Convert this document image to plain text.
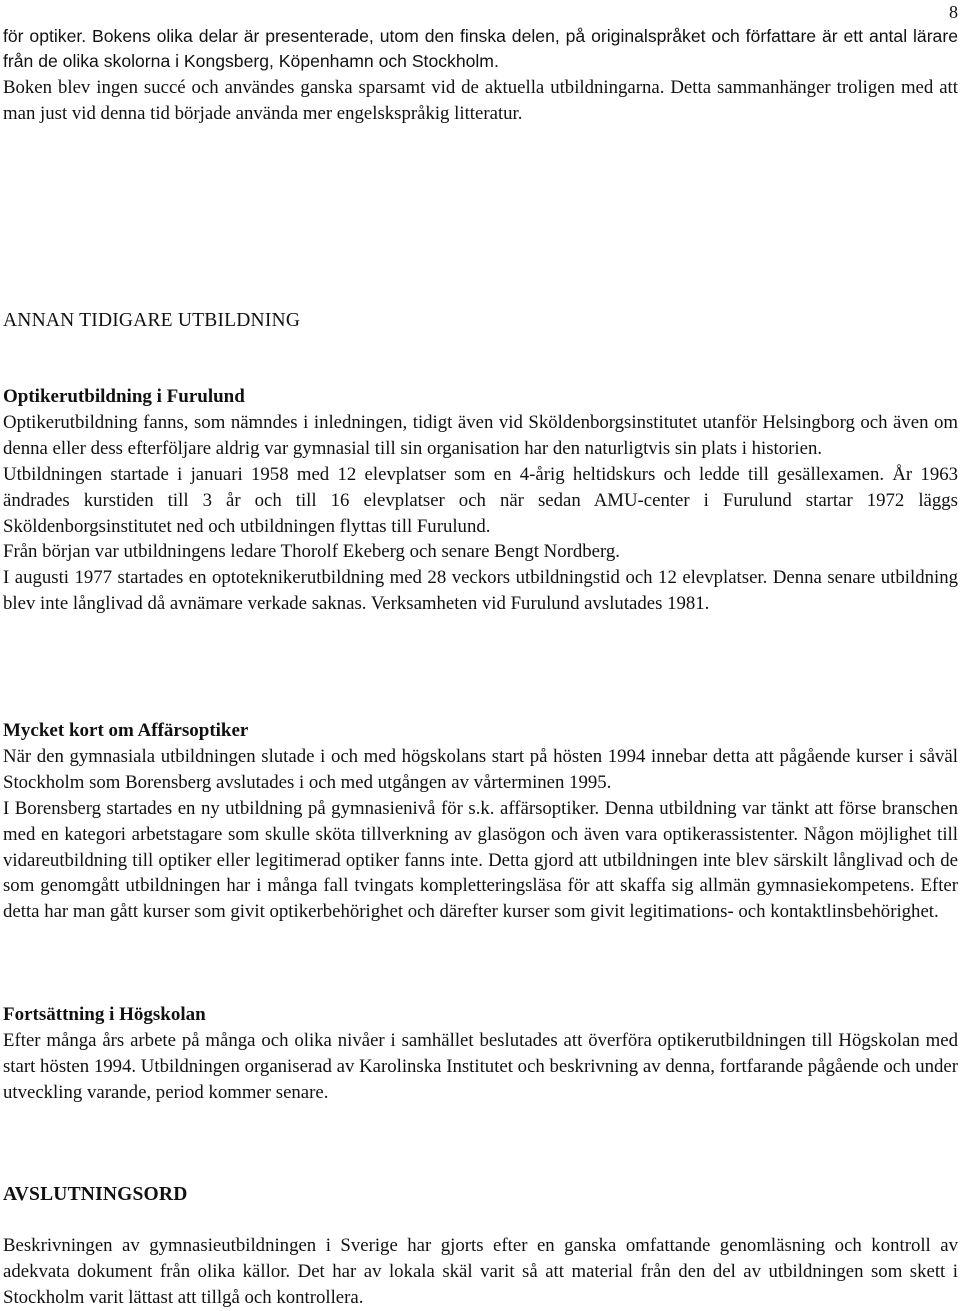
8

för optiker. Bokens olika delar är presenterade, utom den finska delen, på originalspråket och författare är ett antal lärare från de olika skolorna i Kongsberg, Köpenhamn och Stockholm.

Boken blev ingen succé och användes ganska sparsamt vid de aktuella utbildningarna. Detta sammanhänger troligen med att man just vid denna tid började använda mer engelskspråkig litteratur.

ANNAN TIDIGARE UTBILDNING
Optikerutbildning i Furulund

Optikerutbildning fanns, som nämndes i inledningen, tidigt även vid Sköldenborgsinstitutet utanför Helsingborg och även om denna eller dess efterföljare aldrig var gymnasial till sin organisation har den naturligtvis sin plats i historien.

Utbildningen startade i januari 1958 med 12 elevplatser som en 4-årig heltidskurs och ledde till gesällexamen. År 1963 ändrades kurstiden till 3 år och till 16 elevplatser och när sedan AMU-center i Furulund startar 1972 läggs Sköldenborgsinstitutet ned och utbildningen flyttas till Furulund.

Från början var utbildningens ledare Thorolf Ekeberg och senare Bengt Nordberg.

I augusti 1977 startades en optoteknikerutbildning med 28 veckors utbildningstid och 12 elevplatser. Denna senare utbildning blev inte långlivad då avnämare verkade saknas. Verksamheten vid Furulund avslutades 1981.

Mycket kort om Affärsoptiker

När den gymnasiala utbildningen slutade i och med högskolans start på hösten 1994 innebar detta att pågående kurser i såväl Stockholm som Borensberg avslutades i och med utgången av vårterminen 1995.

I Borensberg startades en ny utbildning på gymnasienivå för s.k. affärsoptiker. Denna utbildning var tänkt att förse branschen med en kategori arbetstagare som skulle sköta tillverkning av glasögon och även vara optikerassistenter. Någon möjlighet till vidareutbildning till optiker eller legitimerad optiker fanns inte. Detta gjord att utbildningen inte blev särskilt långlivad och de som genomgått utbildningen har i många fall tvingats kompletteringsläsa för att skaffa sig allmän gymnasiekompetens. Efter detta har man gått kurser som givit optikerbehörighet och därefter kurser som givit legitimations- och kontaktlinsbehörighet.

Fortsättning i Högskolan

Efter många års arbete på många och olika nivåer i samhället beslutades att överföra optikerutbildningen till Högskolan med start hösten 1994. Utbildningen organiserad av Karolinska Institutet och beskrivning av denna, fortfarande pågående och under utveckling varande, period kommer senare.

AVSLUTNINGSORD

Beskrivningen av gymnasieutbildningen i Sverige har gjorts efter en ganska omfattande genomläsning och kontroll av adekvata dokument från olika källor. Det har av lokala skäl varit så att material från den del av utbildningen som skett i Stockholm varit lättast att tillgå och kontrollera.
